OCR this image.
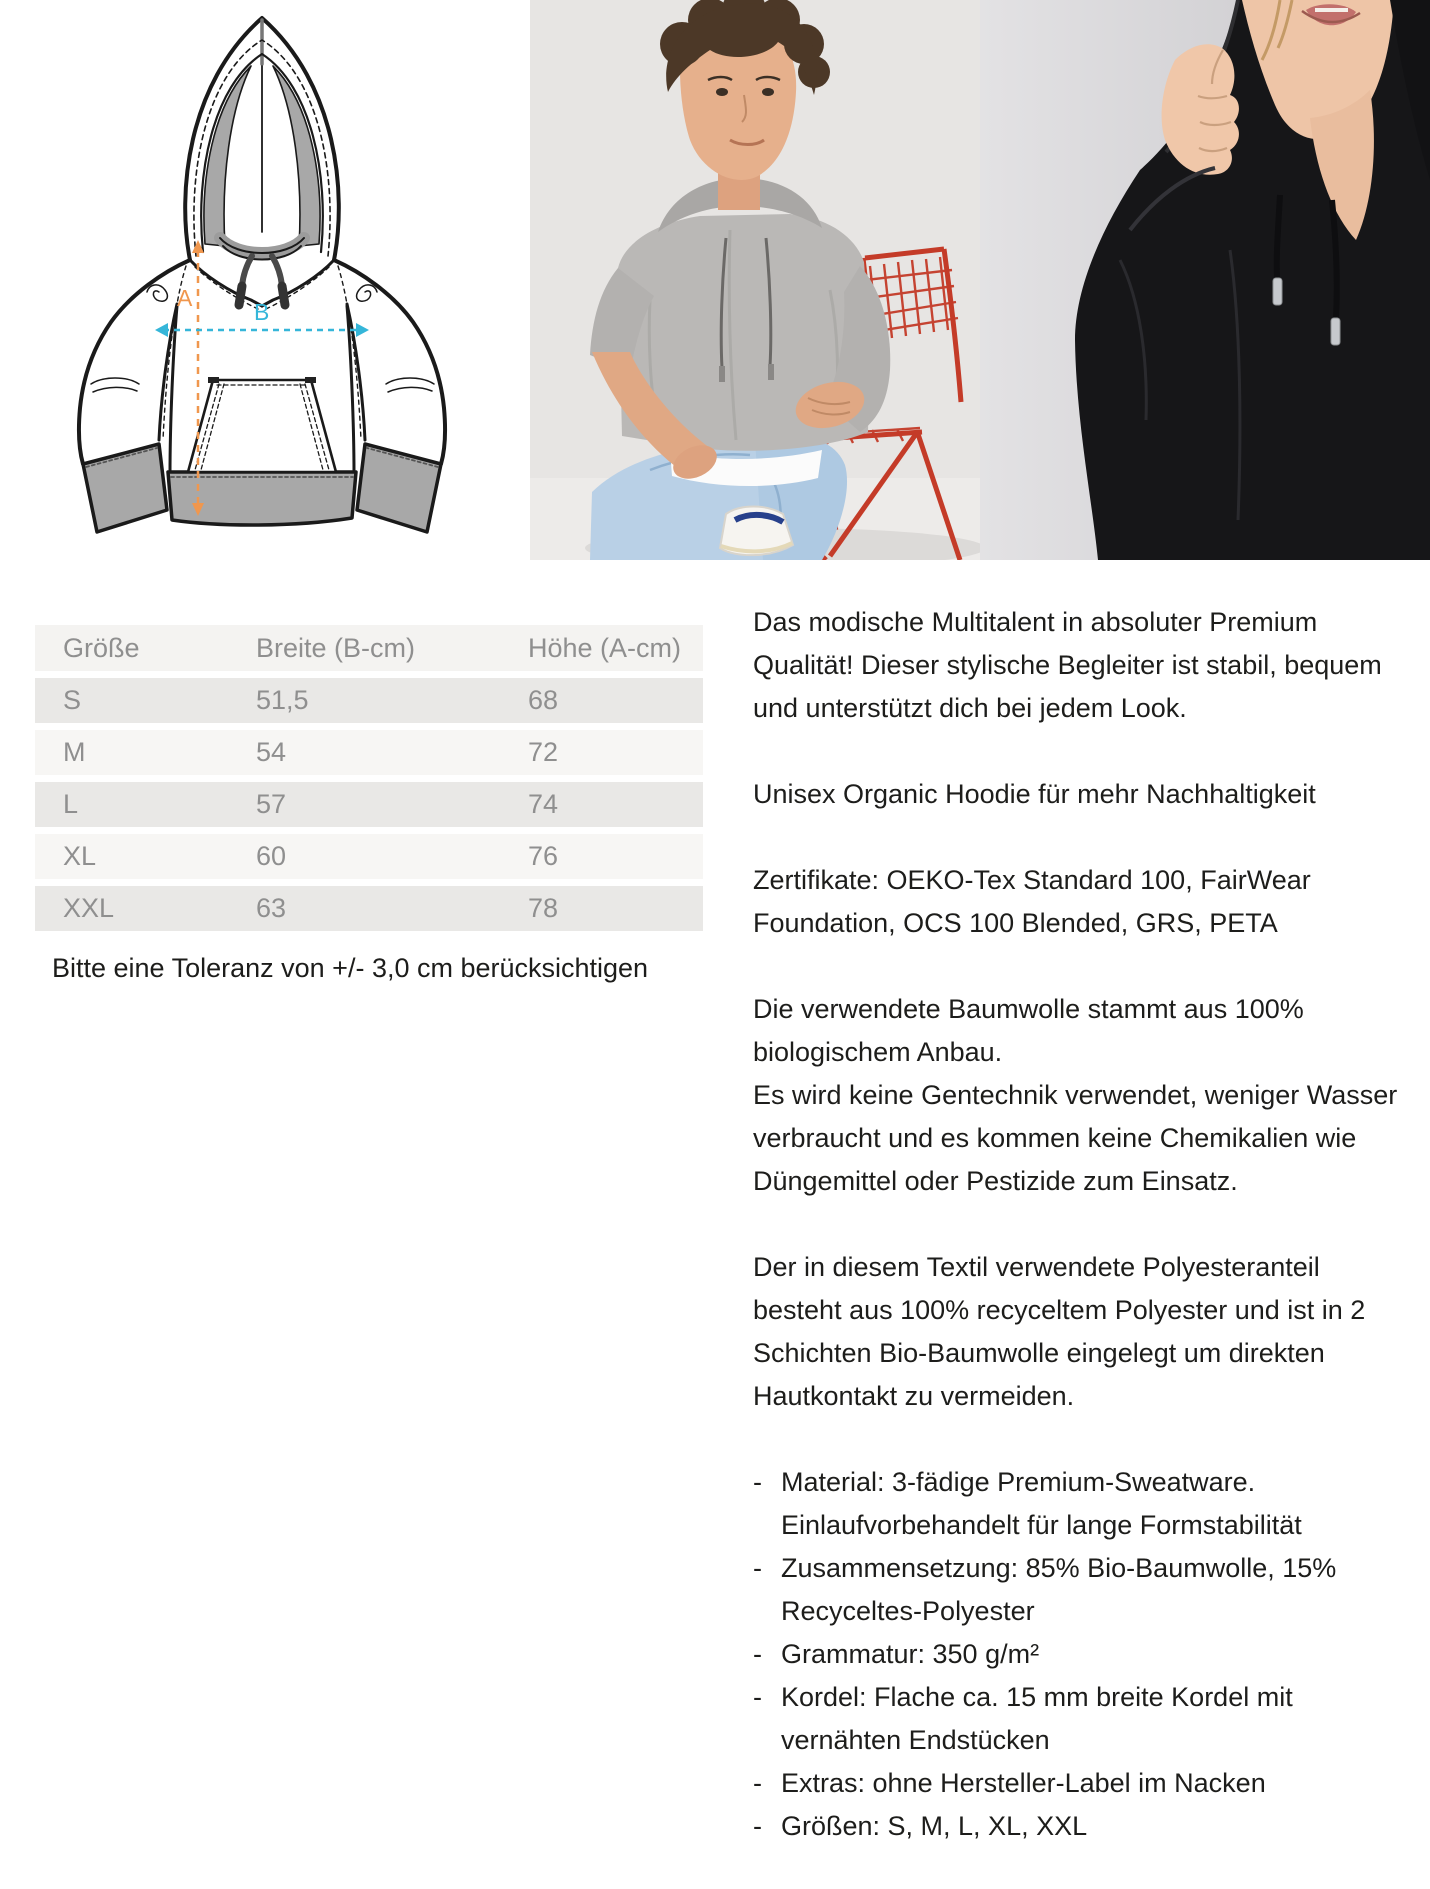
A
B
Größe	Breite (B-cm)	Höhe (A-cm)
S	51,5	68
M	54	72
L	57	74
XL	60	76
XXL	63	78

Bitte eine Toleranz von +/- 3,0 cm berücksichtigen

Das modische Multitalent in absoluter Premium Qualität! Dieser stylische Begleiter ist stabil, bequem und unterstützt dich bei jedem Look.

Unisex Organic Hoodie für mehr Nachhaltigkeit

Zertifikate: OEKO-Tex Standard 100, FairWear Foundation, OCS 100 Blended, GRS, PETA

Die verwendete Baumwolle stammt aus 100% biologischem Anbau.

Es wird keine Gentechnik verwendet, weniger Wasser verbraucht und es kommen keine Chemikalien wie Düngemittel oder Pestizide zum Einsatz.

Der in diesem Textil verwendete Polyesteranteil besteht aus 100% recyceltem Polyester und ist in 2 Schichten Bio-Baumwolle eingelegt um direkten Hautkontakt zu vermeiden.

- Material: 3-fädige Premium-Sweatware. Einlaufvorbehandelt für lange Formstabilität
- Zusammensetzung: 85% Bio-Baumwolle, 15% Recyceltes-Polyester
- Grammatur: 350 g/m²
- Kordel: Flache ca. 15 mm breite Kordel mit vernähten Endstücken
- Extras: ohne Hersteller-Label im Nacken
- Größen: S, M, L, XL, XXL
